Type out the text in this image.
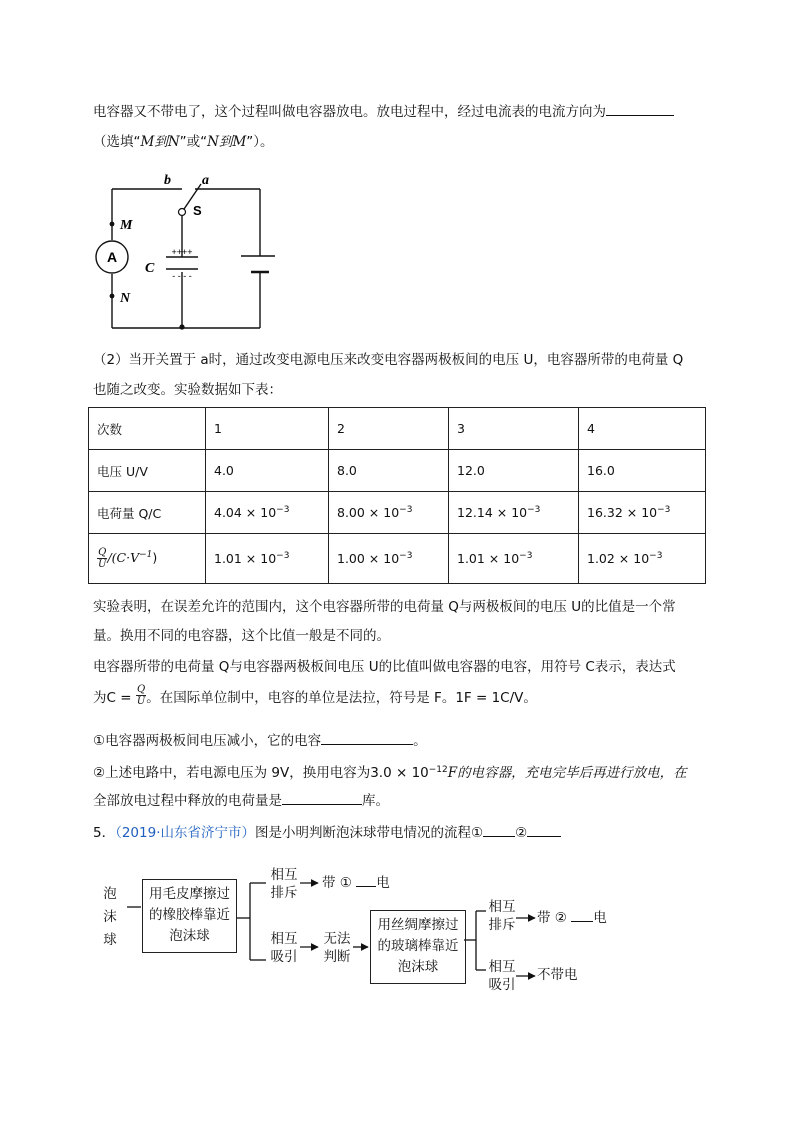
电容器又不带电了，这个过程叫做电容器放电。放电过程中，经过电流表的电流方向为
（选填“M到N”或“N到M”）。
A
b a
S
M
N
C
++++
- - - -
（2）当开关置于 a时，通过改变电源电压来改变电容器两极板间的电压 U，电容器所带的电荷量 Q
也随之改变。实验数据如下表：
次数	1	2	3	4
电压 U/V	4.0	8.0	12.0	16.0
电荷量 Q/C	$4.04 \times 10^{-3}$	$8.00 \times 10^{-3}$	$12.14 \times 10^{-3}$	$16.32 \times 10^{-3}$

$\frac{Q}{U} /(C\cdot V^{-1})$	$1.01 \times 10^{-3}$	$1.00 \times 10^{-3}$	$1.01 \times 10^{-3}$	$1.02 \times 10^{-3}$
实验表明，在误差允许的范围内，这个电容器所带的电荷量 Q与两极板间的电压 U的比值是一个常
量。换用不同的电容器，这个比值一般是不同的。
电容器所带的电荷量 Q与电容器两极板间电压 U的比值叫做电容器的电容，用符号 C表示，表达式
为$C = \frac{Q}{U}$ 。在国际单位制中，电容的单位是法拉，符号是 F。1F = 1C/V。
①电容器两极板间电压减小，它的电容	。
②上述电路中，若电源电压为 9V，换用电容为$3.0 \times 10^{-12}F$的电容器，充电完毕后再进行放电，在
全部放电过程中释放的电荷量是	库。
5．（2019·山东省济宁市）图是小明判断泡沫球带电情况的流程① ②
泡沫球
用毛皮摩擦过的橡胶棒靠近泡沫球
相互排斥
带 ① 电
相互吸引
无法判断
用丝绸摩擦过的玻璃棒靠近泡沫球
相互排斥 带 ② 电
相互吸引
不带电
